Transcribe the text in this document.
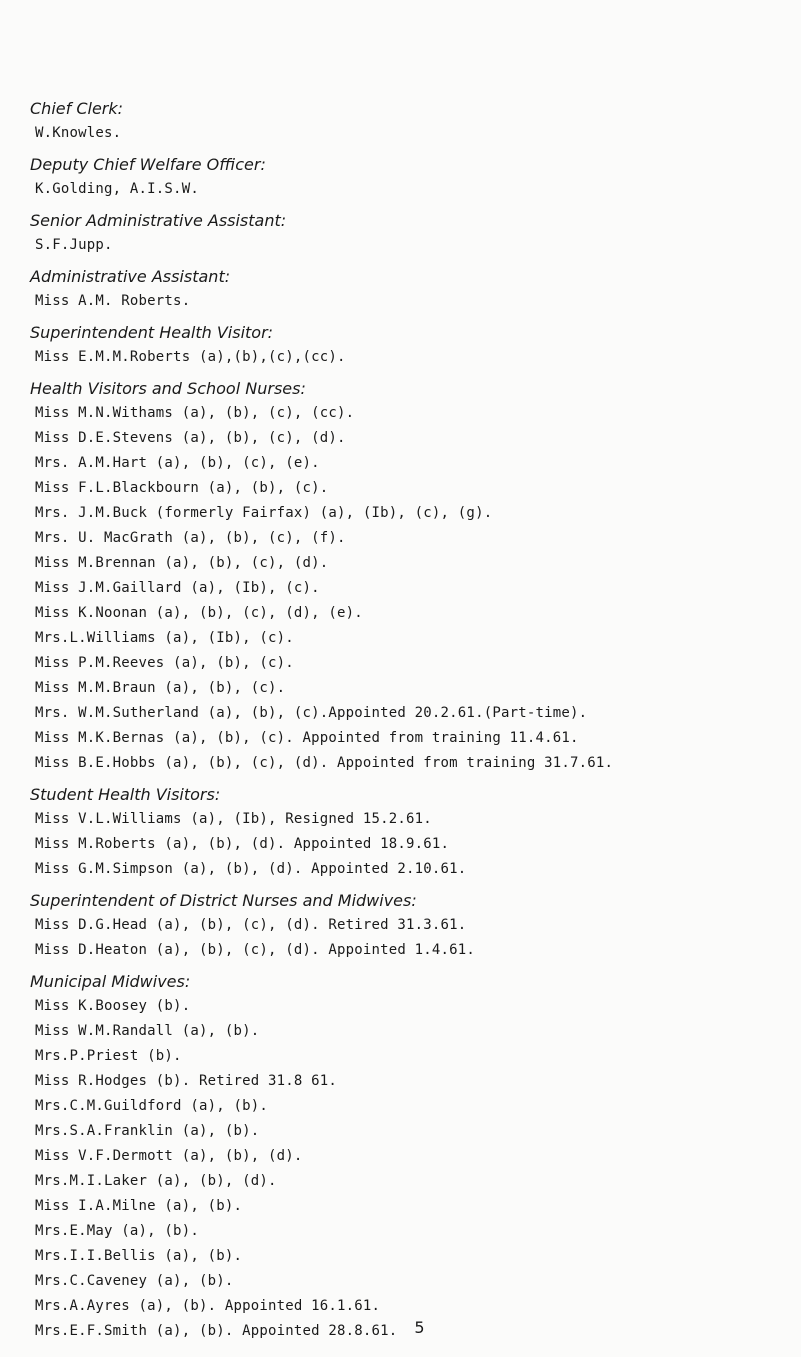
Chief Clerk:
W.Knowles.
Deputy Chief Welfare Officer:
K.Golding, A.I.S.W.
Senior Administrative Assistant:
S.F.Jupp.
Administrative Assistant:
Miss A.M. Roberts.
Superintendent Health Visitor:
Miss E.M.M.Roberts (a),(b),(c),(cc).
Health Visitors and School Nurses:
Miss M.N.Withams (a), (b), (c), (cc).
Miss D.E.Stevens (a), (b), (c), (d).
Mrs. A.M.Hart (a), (b), (c), (e).
Miss F.L.Blackbourn (a), (b), (c).
Mrs. J.M.Buck (formerly Fairfax) (a), (Ib), (c), (g).
Mrs. U. MacGrath (a), (b), (c), (f).
Miss M.Brennan (a), (b), (c), (d).
Miss J.M.Gaillard (a), (Ib), (c).
Miss K.Noonan (a), (b), (c), (d), (e).
Mrs.L.Williams (a), (Ib), (c).
Miss P.M.Reeves (a), (b), (c).
Miss M.M.Braun (a), (b), (c).
Mrs. W.M.Sutherland (a), (b), (c).Appointed 20.2.61.(Part-time).
Miss M.K.Bernas (a), (b), (c). Appointed from training 11.4.61.
Miss B.E.Hobbs (a), (b), (c), (d). Appointed from training 31.7.61.
Student Health Visitors:
Miss V.L.Williams (a), (Ib), Resigned 15.2.61.
Miss M.Roberts (a), (b), (d). Appointed 18.9.61.
Miss G.M.Simpson (a), (b), (d). Appointed 2.10.61.
Superintendent of District Nurses and Midwives:
Miss D.G.Head (a), (b), (c), (d). Retired 31.3.61.
Miss D.Heaton (a), (b), (c), (d). Appointed 1.4.61.
Municipal Midwives:
Miss K.Boosey (b).
Miss W.M.Randall (a), (b).
Mrs.P.Priest (b).
Miss R.Hodges (b). Retired 31.8 61.
Mrs.C.M.Guildford (a), (b).
Mrs.S.A.Franklin (a), (b).
Miss V.F.Dermott (a), (b), (d).
Mrs.M.I.Laker (a), (b), (d).
Miss I.A.Milne (a), (b).
Mrs.E.May (a), (b).
Mrs.I.I.Bellis (a), (b).
Mrs.C.Caveney (a), (b).
Mrs.A.Ayres (a), (b). Appointed 16.1.61.
Mrs.E.F.Smith (a), (b). Appointed 28.8.61.	5
